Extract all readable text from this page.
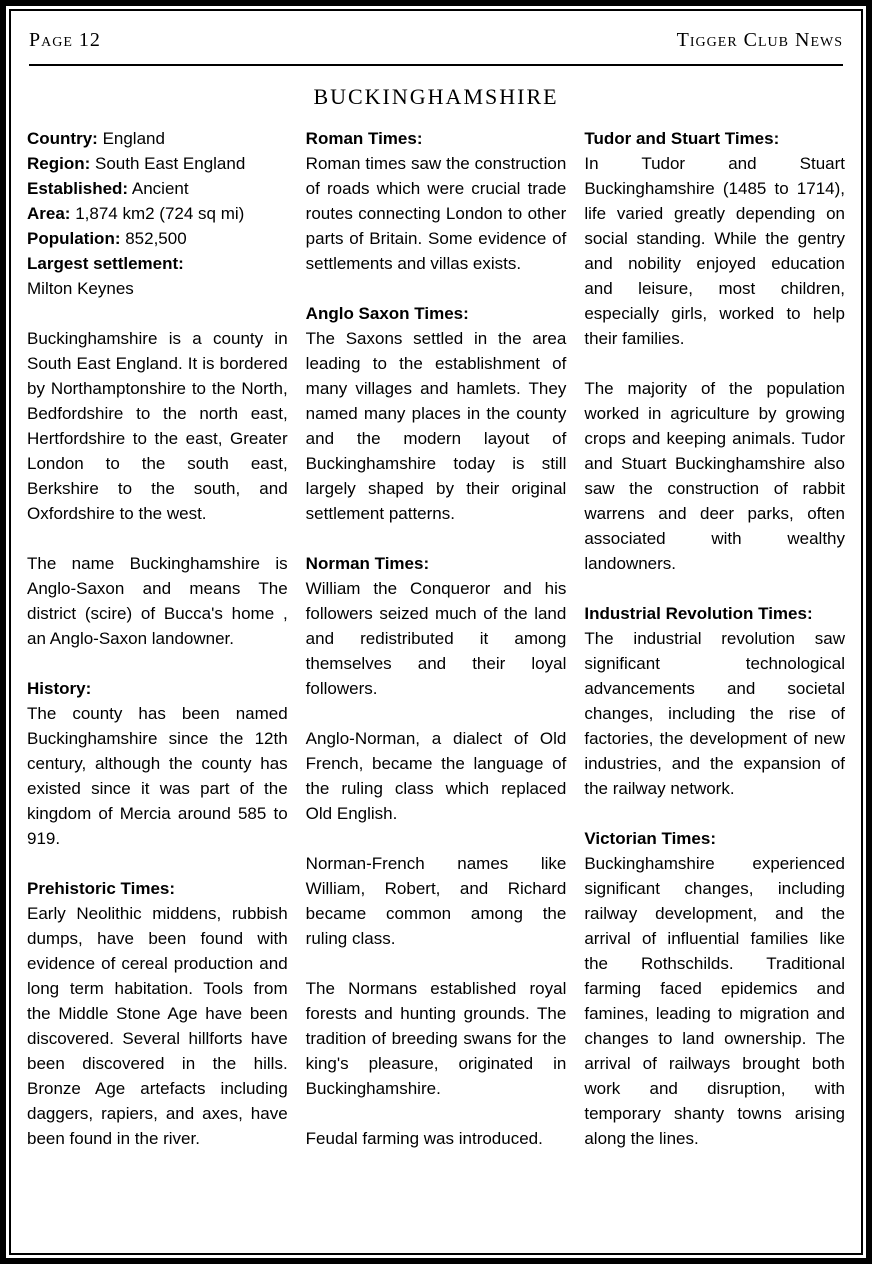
Page 12	Tigger Club News
BUCKINGHAMSHIRE
Country: England
Region: South East England
Established: Ancient
Area: 1,874 km2 (724 sq mi)
Population: 852,500
Largest settlement:
Milton Keynes
Buckinghamshire is a county in South East England. It is bordered by Northamptonshire to the North, Bedfordshire to the north east, Hertfordshire to the east, Greater London to the south east, Berkshire to the south, and Oxfordshire to the west.
The name Buckinghamshire is Anglo-Saxon and means The district (scire) of Bucca's home , an Anglo-Saxon landowner.
History:
The county has been named Buckinghamshire since the 12th century, although the county has existed since it was part of the kingdom of Mercia around 585 to 919.
Prehistoric Times:
Early Neolithic middens, rubbish dumps, have been found with evidence of cereal production and long term habitation. Tools from the Middle Stone Age have been discovered. Several hillforts have been discovered in the hills. Bronze Age artefacts including daggers, rapiers, and axes, have been found in the river.
Roman Times:
Roman times saw the construction of roads which were crucial trade routes connecting London to other parts of Britain. Some evidence of settlements and villas exists.
Anglo Saxon Times:
The Saxons settled in the area leading to the establishment of many villages and hamlets. They named many places in the county and the modern layout of Buckinghamshire today is still largely shaped by their original settlement patterns.
Norman Times:
William the Conqueror and his followers seized much of the land and redistributed it among themselves and their loyal followers.
Anglo-Norman, a dialect of Old French, became the language of the ruling class which replaced Old English.
Norman-French names like William, Robert, and Richard became common among the ruling class.
The Normans established royal forests and hunting grounds. The tradition of breeding swans for the king's pleasure, originated in Buckinghamshire.
Feudal farming was introduced.
Tudor and Stuart Times:
In Tudor and Stuart Buckinghamshire (1485 to 1714), life varied greatly depending on social standing. While the gentry and nobility enjoyed education and leisure, most children, especially girls, worked to help their families.
The majority of the population worked in agriculture by growing crops and keeping animals. Tudor and Stuart Buckinghamshire also saw the construction of rabbit warrens and deer parks, often associated with wealthy landowners.
Industrial Revolution Times:
The industrial revolution saw significant technological advancements and societal changes, including the rise of factories, the development of new industries, and the expansion of the railway network.
Victorian Times:
Buckinghamshire experienced significant changes, including railway development, and the arrival of influential families like the Rothschilds. Traditional farming faced epidemics and famines, leading to migration and changes to land ownership. The arrival of railways brought both work and disruption, with temporary shanty towns arising along the lines.
